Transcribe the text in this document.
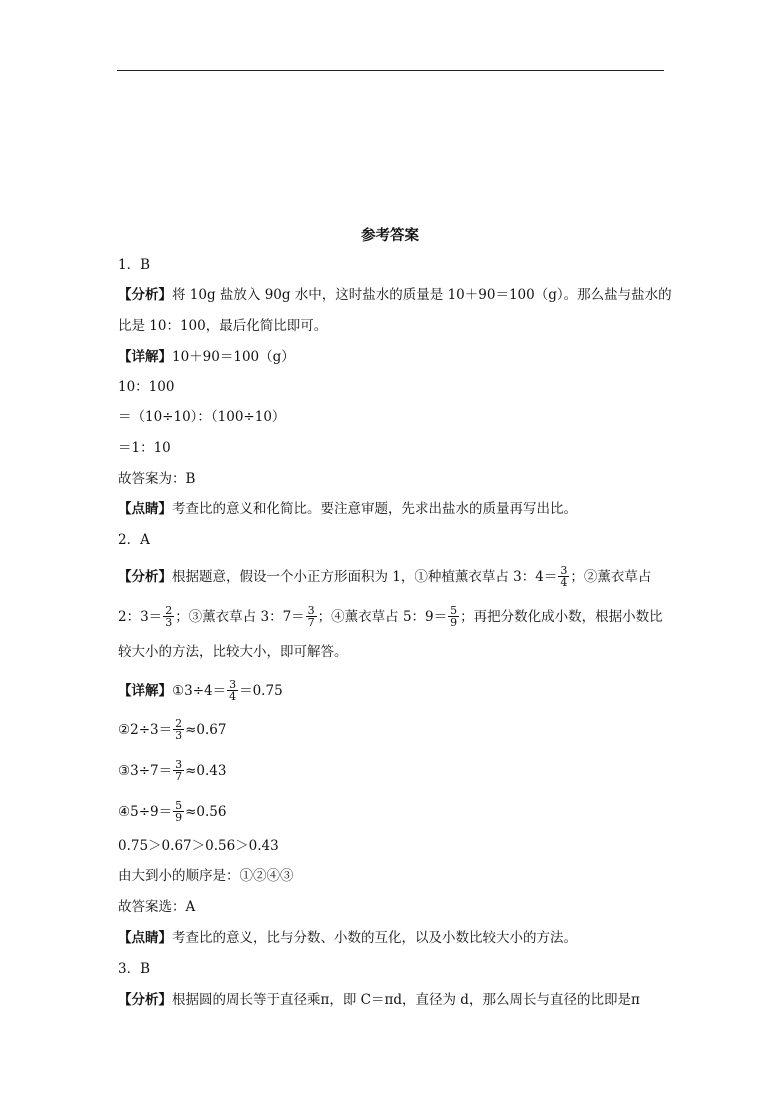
参考答案
1．B
【分析】将 10g 盐放入 90g 水中，这时盐水的质量是 10＋90＝100（g）。那么盐与盐水的
比是 10：100，最后化简比即可。
【详解】10＋90＝100（g）
10：100
＝（10÷10）：（100÷10）
＝1：10
故答案为：B
【点睛】考查比的意义和化简比。要注意审题，先求出盐水的质量再写出比。
2．A
【分析】根据题意，假设一个小正方形面积为 1，①种植薰衣草占 3：$4= \frac{3}{4}$ ；②薰衣草占
2：$3= \frac{2}{3}$ ；③薰衣草占 3：$7= \frac{3}{7}$ ；④薰衣草占 5：$9= \frac{5}{9}$ ；再把分数化成小数，根据小数比
较大小的方法，比较大小，即可解答。
【详解】①3÷4＝ $\frac{3}{4} =0.75$
②2÷3＝ $\frac{2}{3} \approx 0.67$
③3÷7＝ $\frac{3}{7} \approx 0.43$
④5÷9＝ $\frac{5}{9} \approx 0.56$
0.75＞0.67＞0.56＞0.43
由大到小的顺序是：①②④③
故答案选：A
【点睛】考查比的意义，比与分数、小数的互化，以及小数比较大小的方法。
3．B
【分析】根据圆的周长等于直径乘π，即 C＝πd，直径为 d，那么周长与直径的比即是π
